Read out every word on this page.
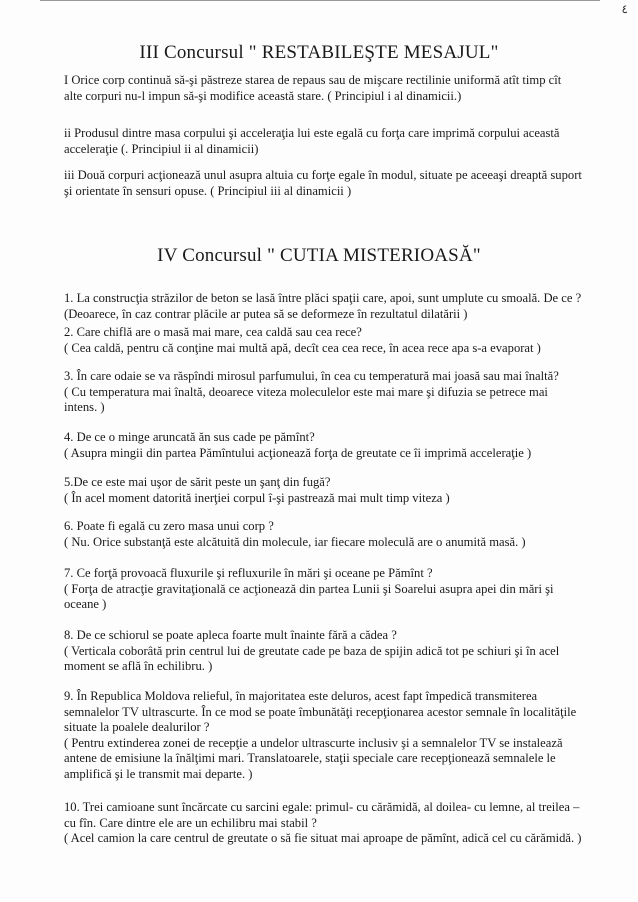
٤
III Concursul " RESTABILEŞTE MESAJUL"

I Orice corp continuă să-şi păstreze starea de repaus sau de mişcare rectilinie uniformă atît timp cît

alte corpuri nu-l impun să-şi modifice această stare. ( Principiul i al dinamicii.)

ii Produsul dintre masa corpului şi acceleraţia lui este egală cu forţa care imprimă corpului această

acceleraţie (. Principiul ii al dinamicii)

iii Două corpuri acţionează unul asupra altuia cu forţe egale în modul, situate pe aceeaşi dreaptă suport

şi orientate în sensuri opuse. ( Principiul iii al dinamicii )

IV Concursul " CUTIA MISTERIOASĂ"

1. La construcţia străzilor de beton se lasă între plăci spaţii care, apoi, sunt umplute cu smoală. De ce ?

(Deoarece, în caz contrar plăcile ar putea să se deformeze în rezultatul dilatării )

2. Care chiflă are o masă mai mare, cea caldă sau cea rece?

( Cea caldă, pentru că conţine mai multă apă, decît cea cea rece, în acea rece apa s-a evaporat )

3. În care odaie se va răspîndi mirosul parfumului, în cea cu temperatură mai joasă sau mai înaltă?

( Cu temperatura mai înaltă, deoarece viteza moleculelor este mai mare şi difuzia se petrece mai

intens. )

4. De ce o minge aruncată ăn sus cade pe pămînt?

( Asupra mingii din partea Pămîntului acţionează forţa de greutate ce îi imprimă acceleraţie )

5.De ce este mai uşor de sărit peste un şanţ din fugă?

( În acel moment datorită inerţiei corpul î-şi pastrează mai mult timp viteza )

6. Poate fi egală cu zero masa unui corp ?

( Nu. Orice substanţă este alcătuită din molecule, iar fiecare moleculă are o anumită masă. )

7. Ce forţă provoacă fluxurile şi refluxurile în mări şi oceane pe Pămînt ?

( Forţa de atracţie gravitaţională ce acţionează din partea Lunii şi Soarelui asupra apei din mări şi

oceane )

8. De ce schiorul se poate apleca foarte mult înainte fără a cădea ?

( Verticala coborâtă prin centrul lui de greutate cade pe baza de spijin adică tot pe schiuri şi în acel

moment se află în echilibru. )

9. În Republica Moldova relieful, în majoritatea este deluros, acest fapt împedică transmiterea

semnalelor TV ultrascurte. În ce mod se poate îmbunătăţi recepţionarea acestor semnale în localităţile

situate la poalele dealurilor ?

( Pentru extinderea zonei de recepţie a undelor ultrascurte inclusiv şi a semnalelor TV se instalează

antene de emisiune la înălţimi mari. Translatoarele, staţii speciale care recepţionează semnalele le

amplifică şi le transmit mai departe. )

10. Trei camioane sunt încărcate cu sarcini egale: primul- cu cărămidă, al doilea- cu lemne, al treilea –

cu fîn. Care dintre ele are un echilibru mai stabil ?

( Acel camion la care centrul de greutate o să fie situat mai aproape de pămînt, adică cel cu cărămidă. )
